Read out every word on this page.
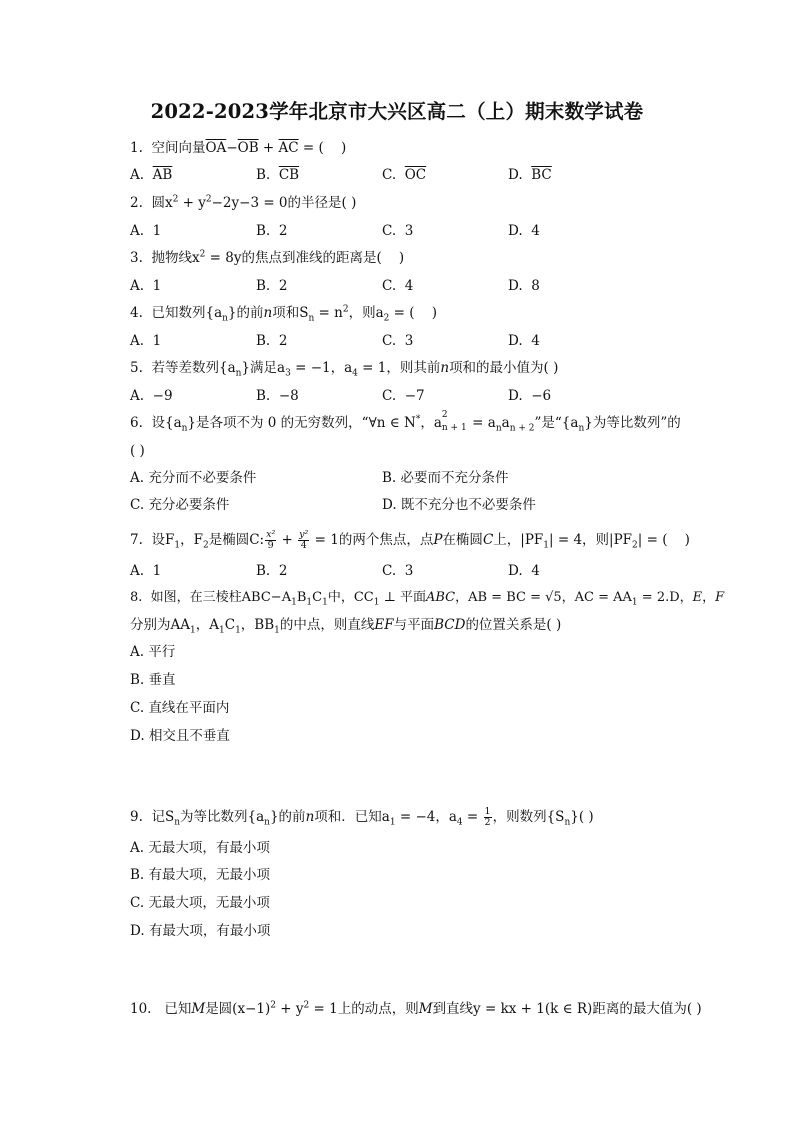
2022-2023学年北京市大兴区高二（上）期末数学试卷
1. 空间向量$\overline{OA}-\overline{OB} + \overline{AC}$ = (    )
A. $\overline{AB}$	B. $\overline{CB}$	C. $\overline{OC}$	D. $\overline{BC}$
2. 圆$x^2 + y^2-2y-3 = 0$的半径是( )
A. 1	B. 2	C. 3	D. 4
3. 抛物线$x^2 = 8y$的焦点到准线的距离是(    )
A. 1	B. 2	C. 4	D. 8
4. 已知数列$\{a_n\}$的前n项和$S_n = n^2$，则$a_2$ = (    )
A. 1	B. 2	C. 3	D. 4
5. 若等差数列$\{a_n\}$满足$a_3 = -1$，$a_4 = 1$，则其前n项和的最小值为( )
A. −9	B. −8	C. −7	D. −6
6. 设$\{a_n\}$是各项不为 0 的无穷数列，“∀n ∈ N*，a
2
$n + 1 = a_na_{n + 2}$”是“$\{a_n\}$为等比数列”的
( )
A. 充分而不必要条件	B. 必要而不充分条件
C. 充分必要条件	D. 既不充分也不必要条件
7. 设$F_1$，$F_2$是椭圆C: $\frac{\text{x²}}{9} + \frac{\text{y²}}{4} = 1$的两个焦点，点P在椭圆C上，$|PF_1| = 4$，则$|PF_2|$ = (    )
A. 1	B. 2	C. 3	D. 4
8. 如图，在三棱柱$ABC-A_1B_1C_1$中，$CC_1$ ⊥ 平面ABC，AB = BC = √5，AC = $AA_1 = 2.D$，E，F
分别为$AA_1$，$A_1C_1$，$BB_1$的中点，则直线EF与平面BCD的位置关系是( )
A. 平行
B. 垂直
C. 直线在平面内
D. 相交且不垂直
9. 记$S_n$为等比数列$\{a_n\}$的前n项和．已知$a_1 = -4$，$a_4 = \frac{1}{2}$ ，则数列$\{S_n\}$( )
A. 无最大项，有最小项
B. 有最大项，无最小项
C. 无最大项，无最小项
D. 有最大项，有最小项
10. 已知M是圆$(x-1)^2 + y^2 = 1$上的动点，则M到直线y = kx + 1(k ∈ R)距离的最大值为( )
